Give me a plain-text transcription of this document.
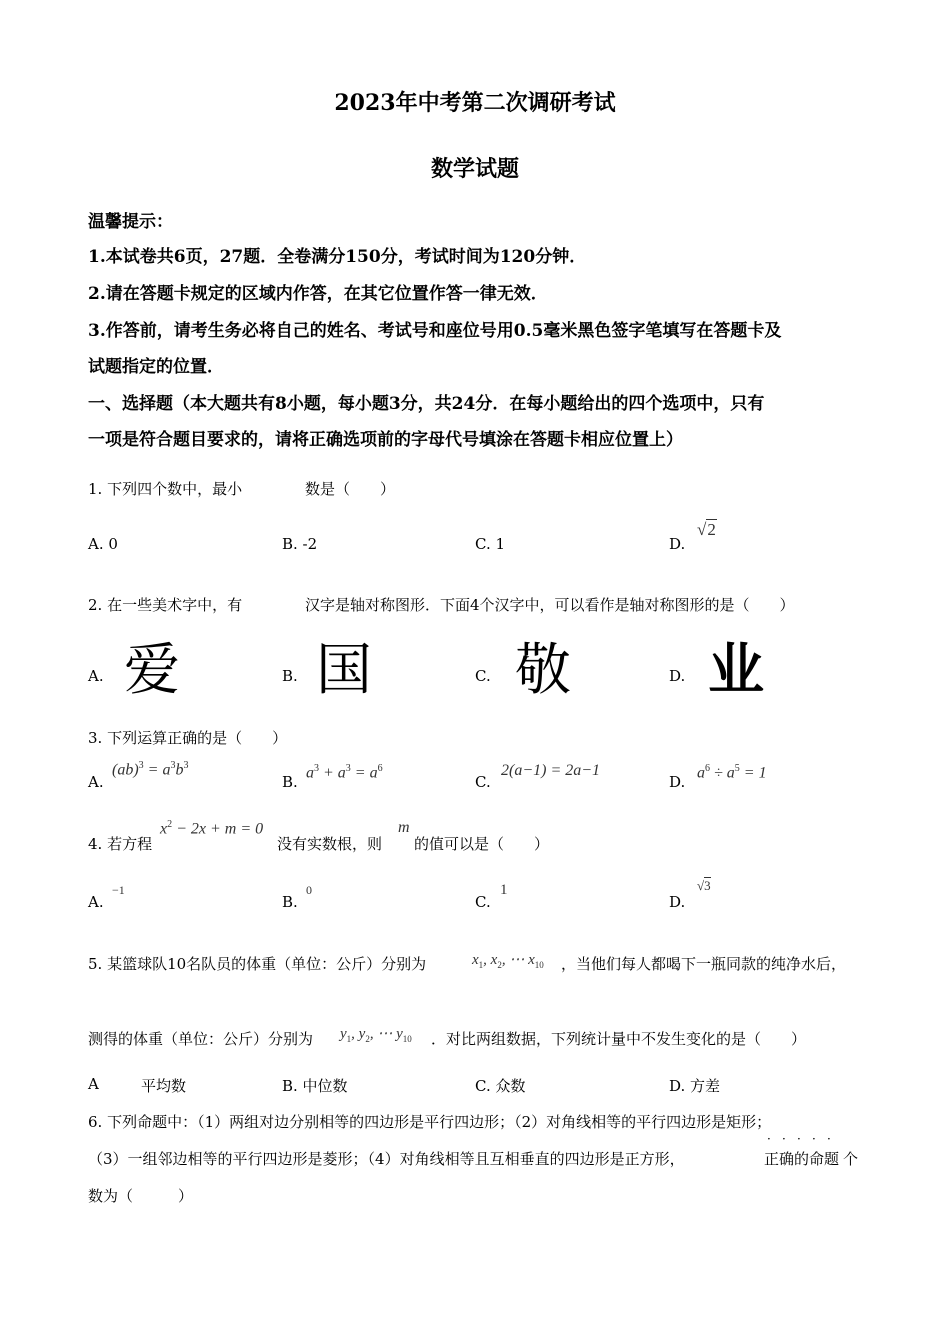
2023年中考第二次调研考试
数学试题
温馨提示：
1.本试卷共6页，27题．全卷满分150分，考试时间为120分钟．
2.请在答题卡规定的区域内作答，在其它位置作答一律无效．
3.作答前，请考生务必将自己的姓名、考试号和座位号用0.5毫米黑色签字笔填写在答题卡及
试题指定的位置．
一、选择题（本大题共有8小题，每小题3分，共24分．在每小题给出的四个选项中，只有
一项是符合题目要求的，请将正确选项前的字母代号填涂在答题卡相应位置上）
1. 下列四个数中，最小	数是（　　）
A. 0	B. -2	C. 1	D.
√2
2. 在一些美术字中，有	汉字是轴对称图形．下面4个汉字中，可以看作是轴对称图形的是（　　）
A. 爱	B. 国	C. 敬	D. 业
3. 下列运算正确的是（　　）
A.
$(ab)^3 = a^3b^3$
B.
$a^3 + a^3 = a^6$
C.
2(a−1) = 2a−1
D.
$a^6 \div a^5 = 1$
4. 若方程
$x^2 - 2x + m = 0$
没有实数根，则
m
的值可以是（　　）
A.
−1
B.
0
C.
1
D.
√3
5. 某篮球队10名队员的体重（单位：公斤）分别为	$x_1$, $x_2$, ⋯ $x_{10}$ ，当他们每人都喝下一瓶同款的纯净水后，
测得的体重（单位：公斤）分别为 $y_1$, $y_2$, ⋯ $y_{10}$ ．对比两组数据，下列统计量中不发生变化的是（　　）
A	平均数	B. 中位数	C. 众数	D. 方差
6. 下列命题中：（1）两组对边分别相等的四边形是平行四边形；（2）对角线相等的平行四边形是矩形；
（3）一组邻边相等的平行四边形是菱形；（4）对角线相等且互相垂直的四边形是正方形，	正确的命题
· · · · ·
个
数为（　　　）
